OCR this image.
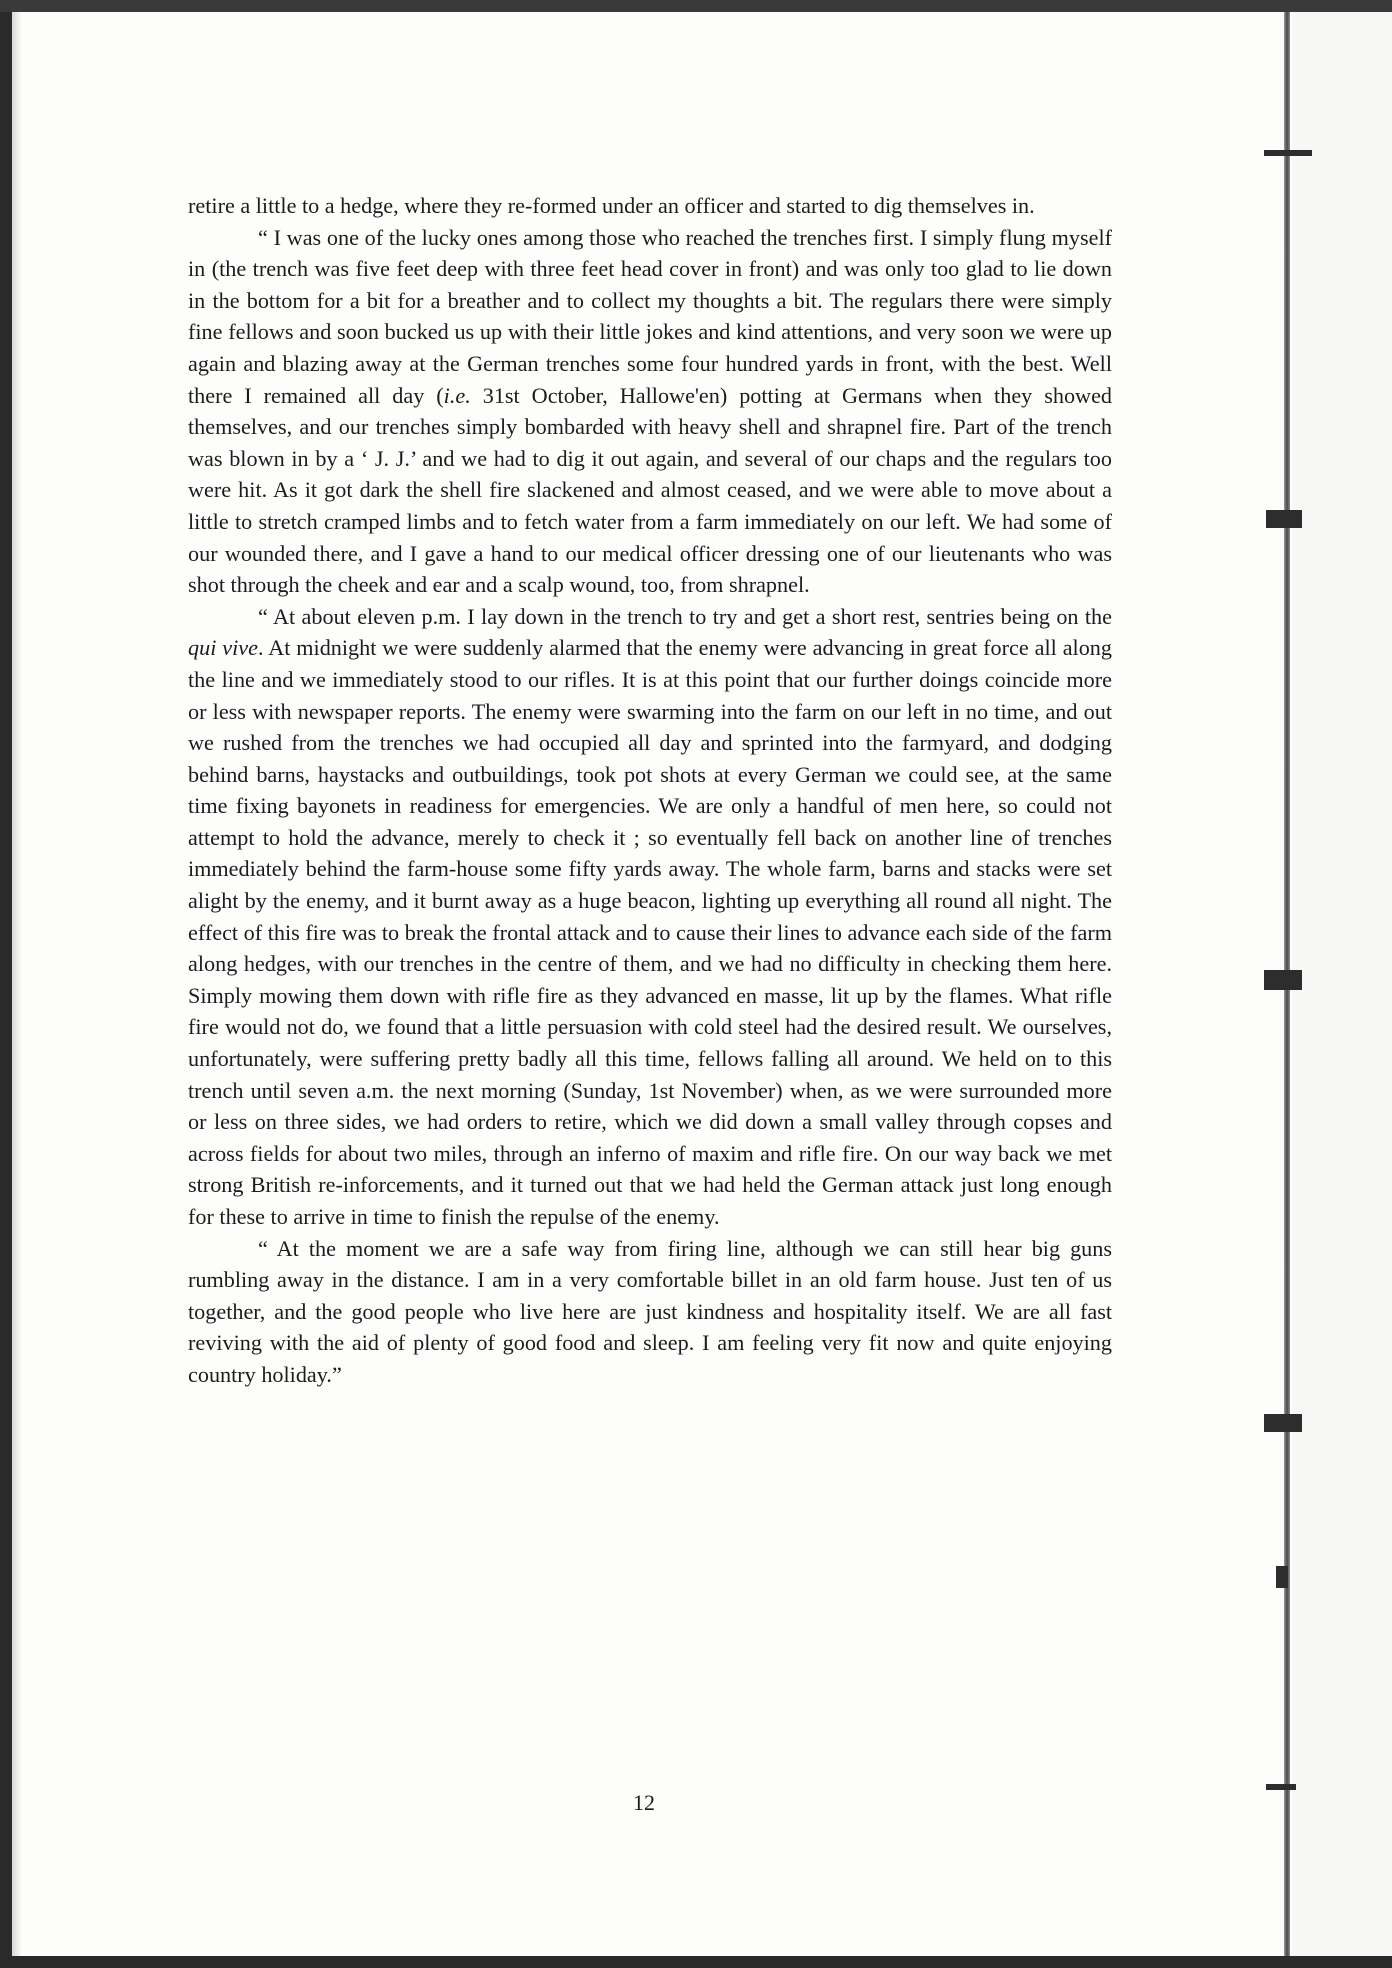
retire a little to a hedge, where they re-formed under an officer and started to dig themselves in.

“ I was one of the lucky ones among those who reached the trenches first. I simply flung myself in (the trench was five feet deep with three feet head cover in front) and was only too glad to lie down in the bottom for a bit for a breather and to collect my thoughts a bit. The regulars there were simply fine fellows and soon bucked us up with their little jokes and kind attentions, and very soon we were up again and blazing away at the German trenches some four hundred yards in front, with the best. Well there I remained all day (i.e. 31st October, Hallowe'en) potting at Germans when they showed themselves, and our trenches simply bombarded with heavy shell and shrapnel fire. Part of the trench was blown in by a ‘ J. J.’ and we had to dig it out again, and several of our chaps and the regulars too were hit. As it got dark the shell fire slackened and almost ceased, and we were able to move about a little to stretch cramped limbs and to fetch water from a farm immediately on our left. We had some of our wounded there, and I gave a hand to our medical officer dressing one of our lieutenants who was shot through the cheek and ear and a scalp wound, too, from shrapnel.

“ At about eleven p.m. I lay down in the trench to try and get a short rest, sentries being on the qui vive. At midnight we were suddenly alarmed that the enemy were advancing in great force all along the line and we immediately stood to our rifles. It is at this point that our further doings coincide more or less with newspaper reports. The enemy were swarming into the farm on our left in no time, and out we rushed from the trenches we had occupied all day and sprinted into the farmyard, and dodging behind barns, haystacks and outbuildings, took pot shots at every German we could see, at the same time fixing bayonets in readiness for emergencies. We are only a handful of men here, so could not attempt to hold the advance, merely to check it ; so eventually fell back on another line of trenches immediately behind the farm-house some fifty yards away. The whole farm, barns and stacks were set alight by the enemy, and it burnt away as a huge beacon, lighting up everything all round all night. The effect of this fire was to break the frontal attack and to cause their lines to advance each side of the farm along hedges, with our trenches in the centre of them, and we had no difficulty in checking them here. Simply mowing them down with rifle fire as they advanced en masse, lit up by the flames. What rifle fire would not do, we found that a little persuasion with cold steel had the desired result. We ourselves, unfortunately, were suffering pretty badly all this time, fellows falling all around. We held on to this trench until seven a.m. the next morning (Sunday, 1st November) when, as we were surrounded more or less on three sides, we had orders to retire, which we did down a small valley through copses and across fields for about two miles, through an inferno of maxim and rifle fire. On our way back we met strong British re-inforcements, and it turned out that we had held the German attack just long enough for these to arrive in time to finish the repulse of the enemy.

“ At the moment we are a safe way from firing line, although we can still hear big guns rumbling away in the distance. I am in a very comfortable billet in an old farm house. Just ten of us together, and the good people who live here are just kindness and hospitality itself. We are all fast reviving with the aid of plenty of good food and sleep. I am feeling very fit now and quite enjoying country holiday.”

12
